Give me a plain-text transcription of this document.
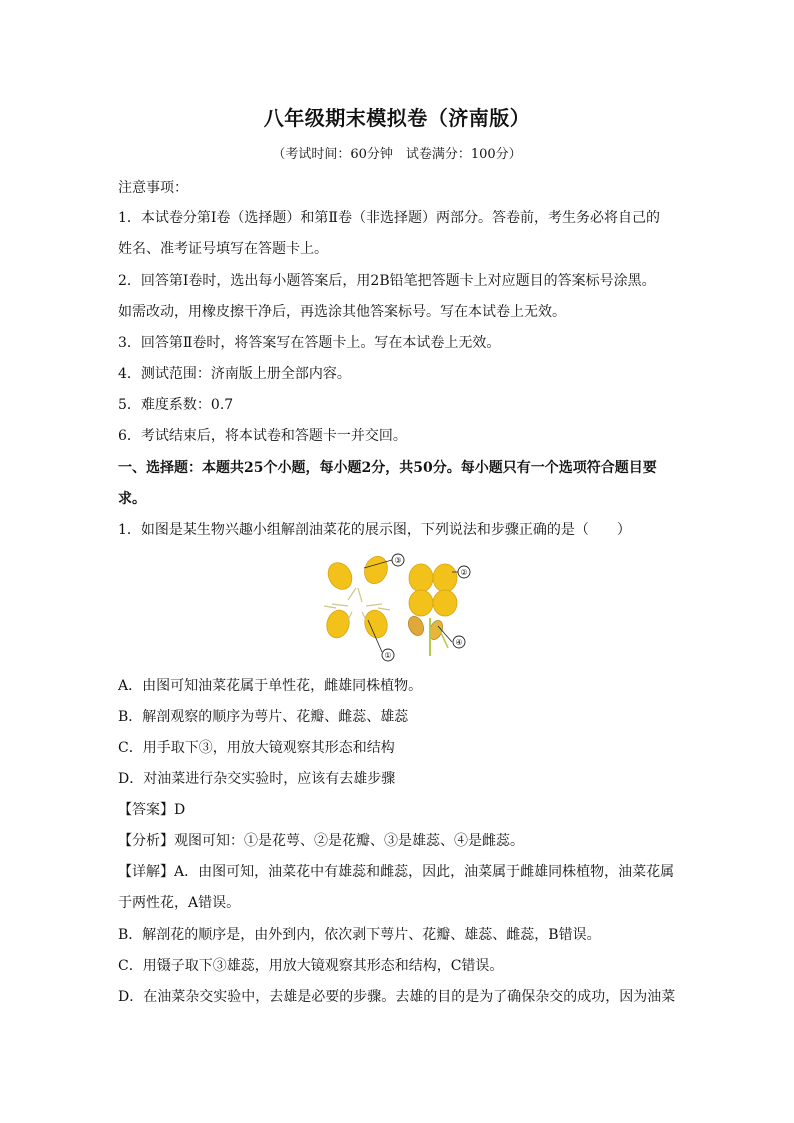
八年级期末模拟卷（济南版）
（考试时间：60分钟　试卷满分：100分）
注意事项：
1．本试卷分第Ⅰ卷（选择题）和第Ⅱ卷（非选择题）两部分。答卷前，考生务必将自己的
姓名、准考证号填写在答题卡上。
2．回答第Ⅰ卷时，选出每小题答案后，用2B铅笔把答题卡上对应题目的答案标号涂黑。
如需改动，用橡皮擦干净后，再选涂其他答案标号。写在本试卷上无效。
3．回答第Ⅱ卷时，将答案写在答题卡上。写在本试卷上无效。
4．测试范围：济南版上册全部内容。
5．难度系数：0.7
6．考试结束后，将本试卷和答题卡一并交回。
一、选择题：本题共25个小题，每小题2分，共50分。每小题只有一个选项符合题目要
求。
1．如图是某生物兴趣小组解剖油菜花的展示图，下列说法和步骤正确的是（　　）
③
②
①
④
A．由图可知油菜花属于单性花，雌雄同株植物。
B．解剖观察的顺序为萼片、花瓣、雌蕊、雄蕊
C．用手取下③，用放大镜观察其形态和结构
D．对油菜进行杂交实验时，应该有去雄步骤
【答案】D
【分析】观图可知：①是花萼、②是花瓣、③是雄蕊、④是雌蕊。
【详解】A．由图可知，油菜花中有雄蕊和雌蕊，因此，油菜属于雌雄同株植物，油菜花属
于两性花，A错误。
B．解剖花的顺序是，由外到内，依次剥下萼片、花瓣、雄蕊、雌蕊，B错误。
C．用镊子取下③雄蕊，用放大镜观察其形态和结构，C错误。
D．在油菜杂交实验中，去雄是必要的步骤。去雄的目的是为了确保杂交的成功，因为油菜
